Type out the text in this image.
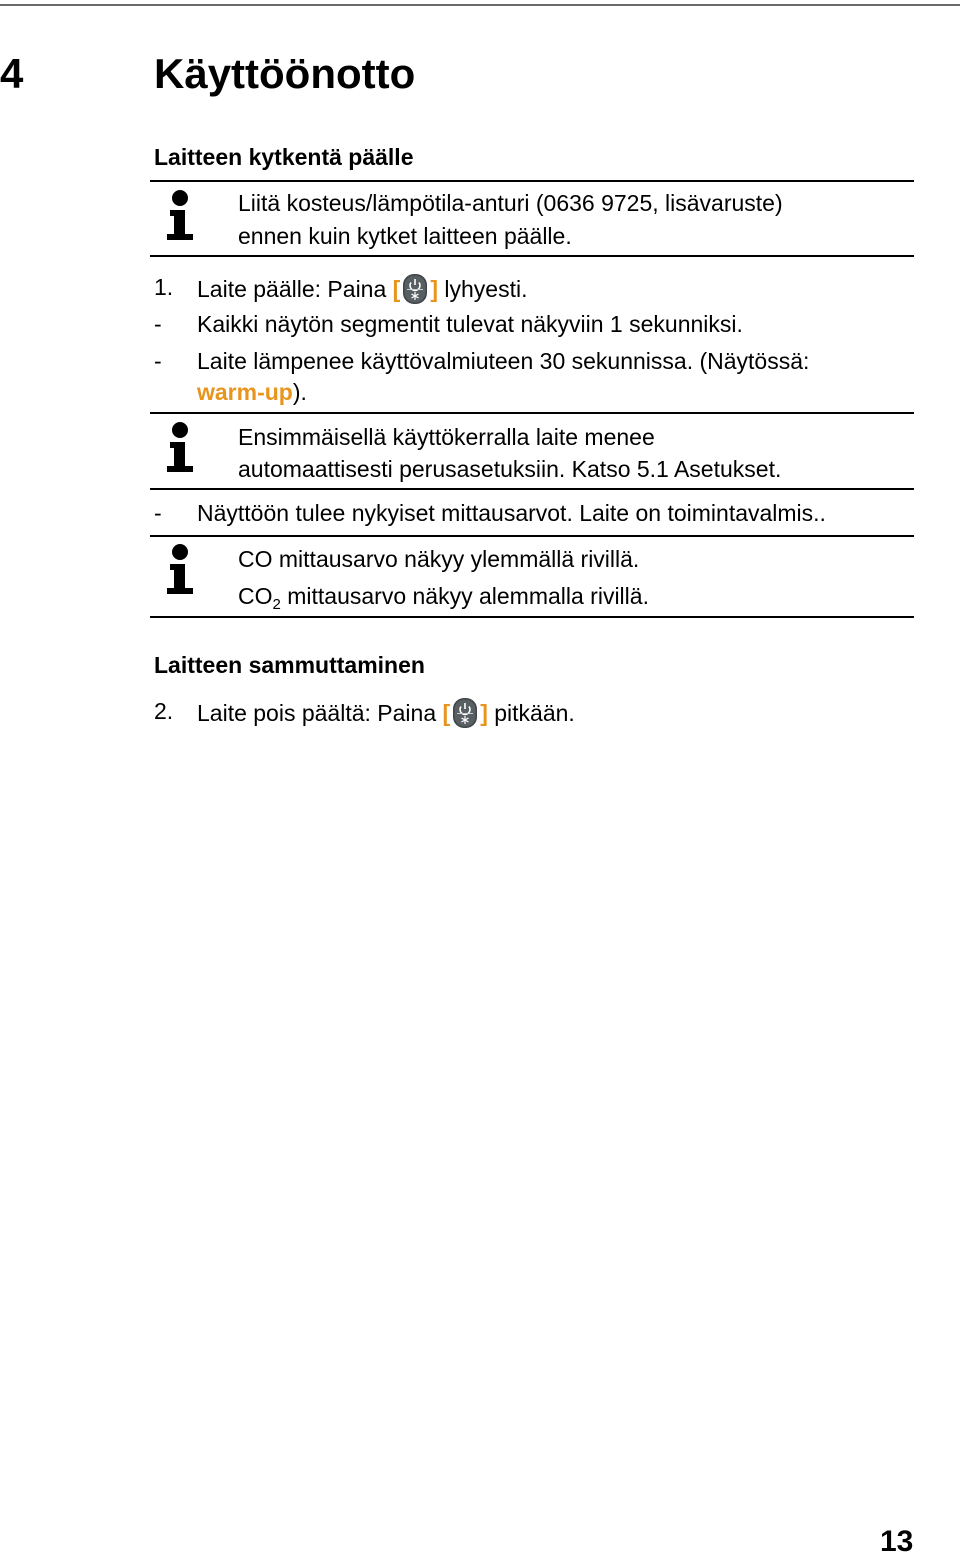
4	Käyttöönotto
Laitteen kytkentä päälle
Liitä kosteus/lämpötila-anturi (0636 9725, lisävaruste)
ennen kuin kytket laitteen päälle.
1. Laite päälle: Paina [ ] lyhyesti.
- Kaikki näytön segmentit tulevat näkyviin 1 sekunniksi.
- Laite lämpenee käyttövalmiuteen 30 sekunnissa. (Näytössä:
warm-up).
Ensimmäisellä käyttökerralla laite menee
automaattisesti perusasetuksiin. Katso 5.1 Asetukset.
- Näyttöön tulee nykyiset mittausarvot. Laite on toimintavalmis..
CO mittausarvo näkyy ylemmällä rivillä.
$CO_2$ mittausarvo näkyy alemmalla rivillä.
Laitteen sammuttaminen
2. Laite pois päältä: Paina [ ] pitkään.
13
